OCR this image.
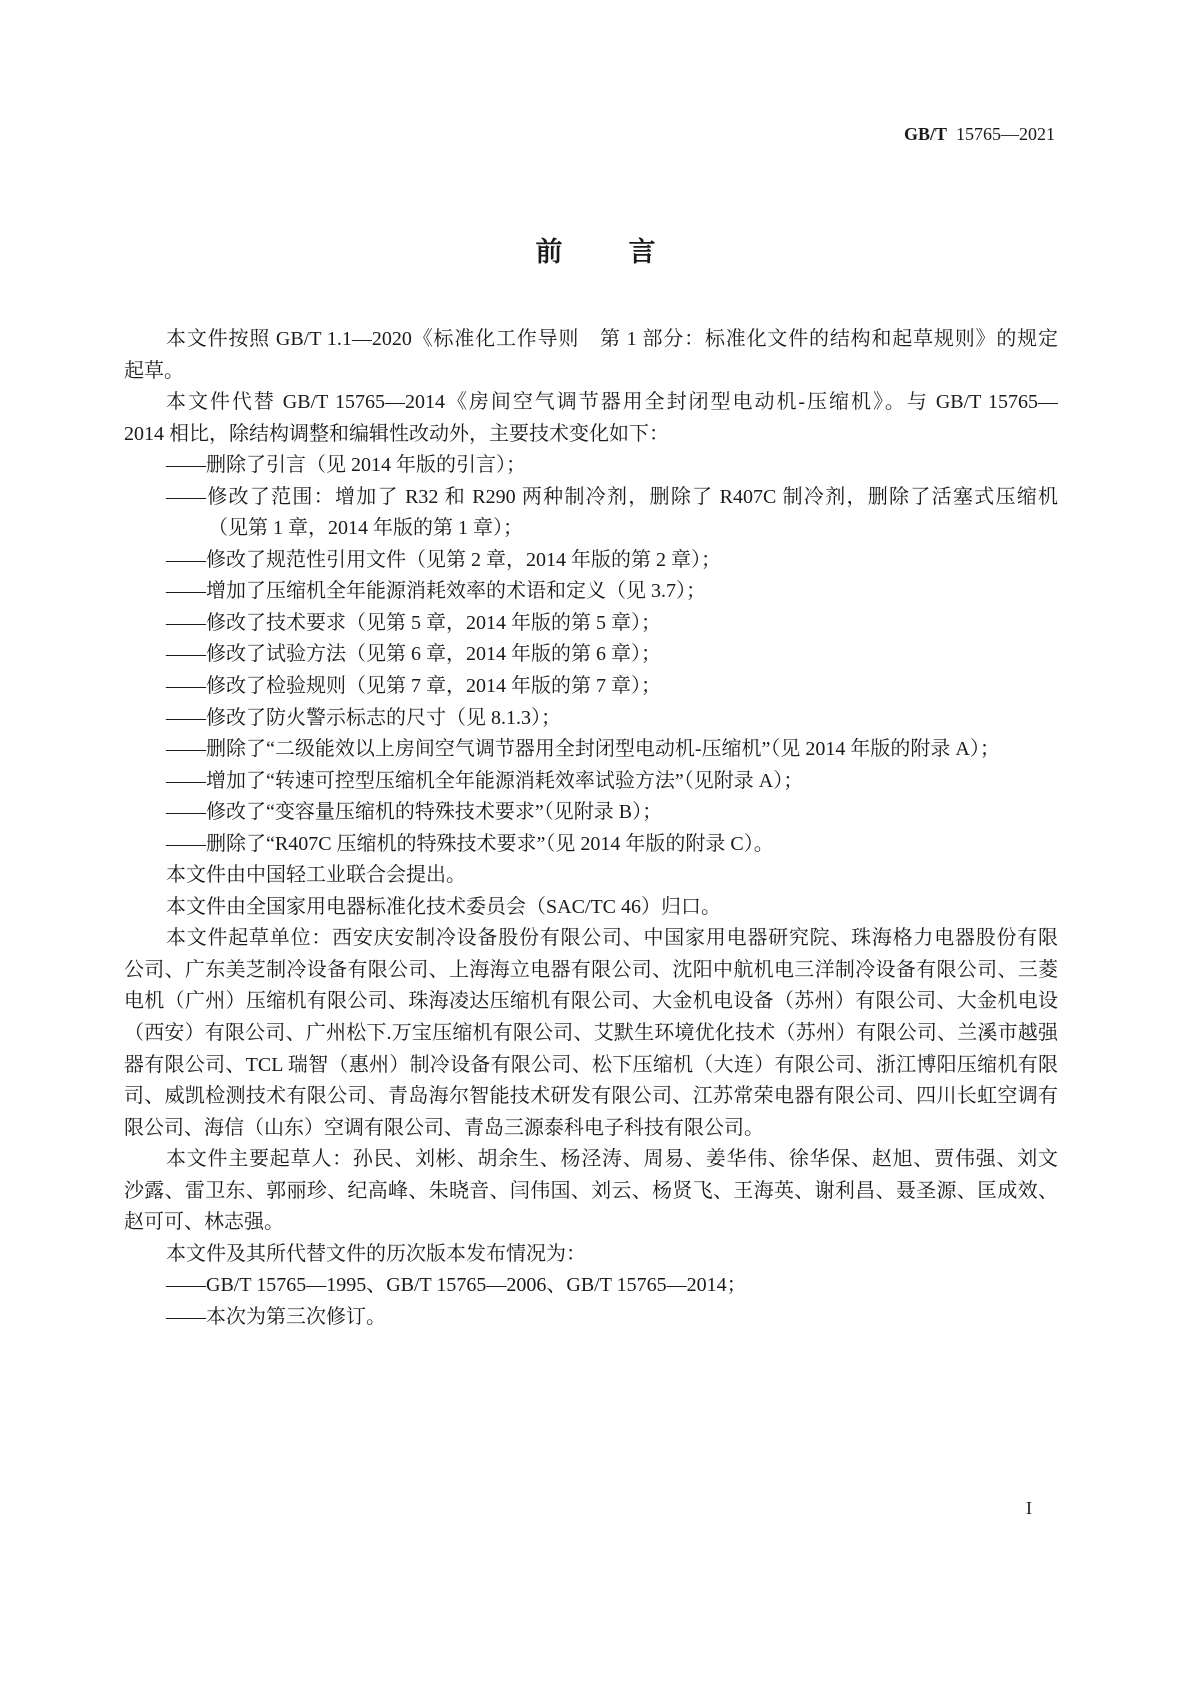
GB/T 15765—2021
前 言
本文件按照 GB/T 1.1—2020《标准化工作导则　第 1 部分：标准化文件的结构和起草规则》的规定
起草。
本文件代替 GB/T 15765—2014《房间空气调节器用全封闭型电动机-压缩机》。与 GB/T 15765—
2014 相比，除结构调整和编辑性改动外，主要技术变化如下：
——删除了引言（见 2014 年版的引言）；
——修改了范围：增加了 R32 和 R290 两种制冷剂，删除了 R407C 制冷剂，删除了活塞式压缩机
（见第 1 章，2014 年版的第 1 章）；
——修改了规范性引用文件（见第 2 章，2014 年版的第 2 章）；
——增加了压缩机全年能源消耗效率的术语和定义（见 3.7）；
——修改了技术要求（见第 5 章，2014 年版的第 5 章）；
——修改了试验方法（见第 6 章，2014 年版的第 6 章）；
——修改了检验规则（见第 7 章，2014 年版的第 7 章）；
——修改了防火警示标志的尺寸（见 8.1.3）；
——删除了“二级能效以上房间空气调节器用全封闭型电动机-压缩机”（见 2014 年版的附录 A）；
——增加了“转速可控型压缩机全年能源消耗效率试验方法”（见附录 A）；
——修改了“变容量压缩机的特殊技术要求”（见附录 B）；
——删除了“R407C 压缩机的特殊技术要求”（见 2014 年版的附录 C）。
本文件由中国轻工业联合会提出。
本文件由全国家用电器标准化技术委员会（SAC/TC 46）归口。
本文件起草单位：西安庆安制冷设备股份有限公司、中国家用电器研究院、珠海格力电器股份有限
公司、广东美芝制冷设备有限公司、上海海立电器有限公司、沈阳中航机电三洋制冷设备有限公司、三菱
电机（广州）压缩机有限公司、珠海凌达压缩机有限公司、大金机电设备（苏州）有限公司、大金机电设
（西安）有限公司、广州松下.万宝压缩机有限公司、艾默生环境优化技术（苏州）有限公司、兰溪市越强
器有限公司、TCL 瑞智（惠州）制冷设备有限公司、松下压缩机（大连）有限公司、浙江博阳压缩机有限
司、威凯检测技术有限公司、青岛海尔智能技术研发有限公司、江苏常荣电器有限公司、四川长虹空调有
限公司、海信（山东）空调有限公司、青岛三源泰科电子科技有限公司。
本文件主要起草人：孙民、刘彬、胡余生、杨泾涛、周易、姜华伟、徐华保、赵旭、贾伟强、刘文
沙露、雷卫东、郭丽珍、纪高峰、朱晓音、闫伟国、刘云、杨贤飞、王海英、谢利昌、聂圣源、匡成效、
赵可可、林志强。
本文件及其所代替文件的历次版本发布情况为：
——GB/T 15765—1995、GB/T 15765—2006、GB/T 15765—2014；
——本次为第三次修订。
I
